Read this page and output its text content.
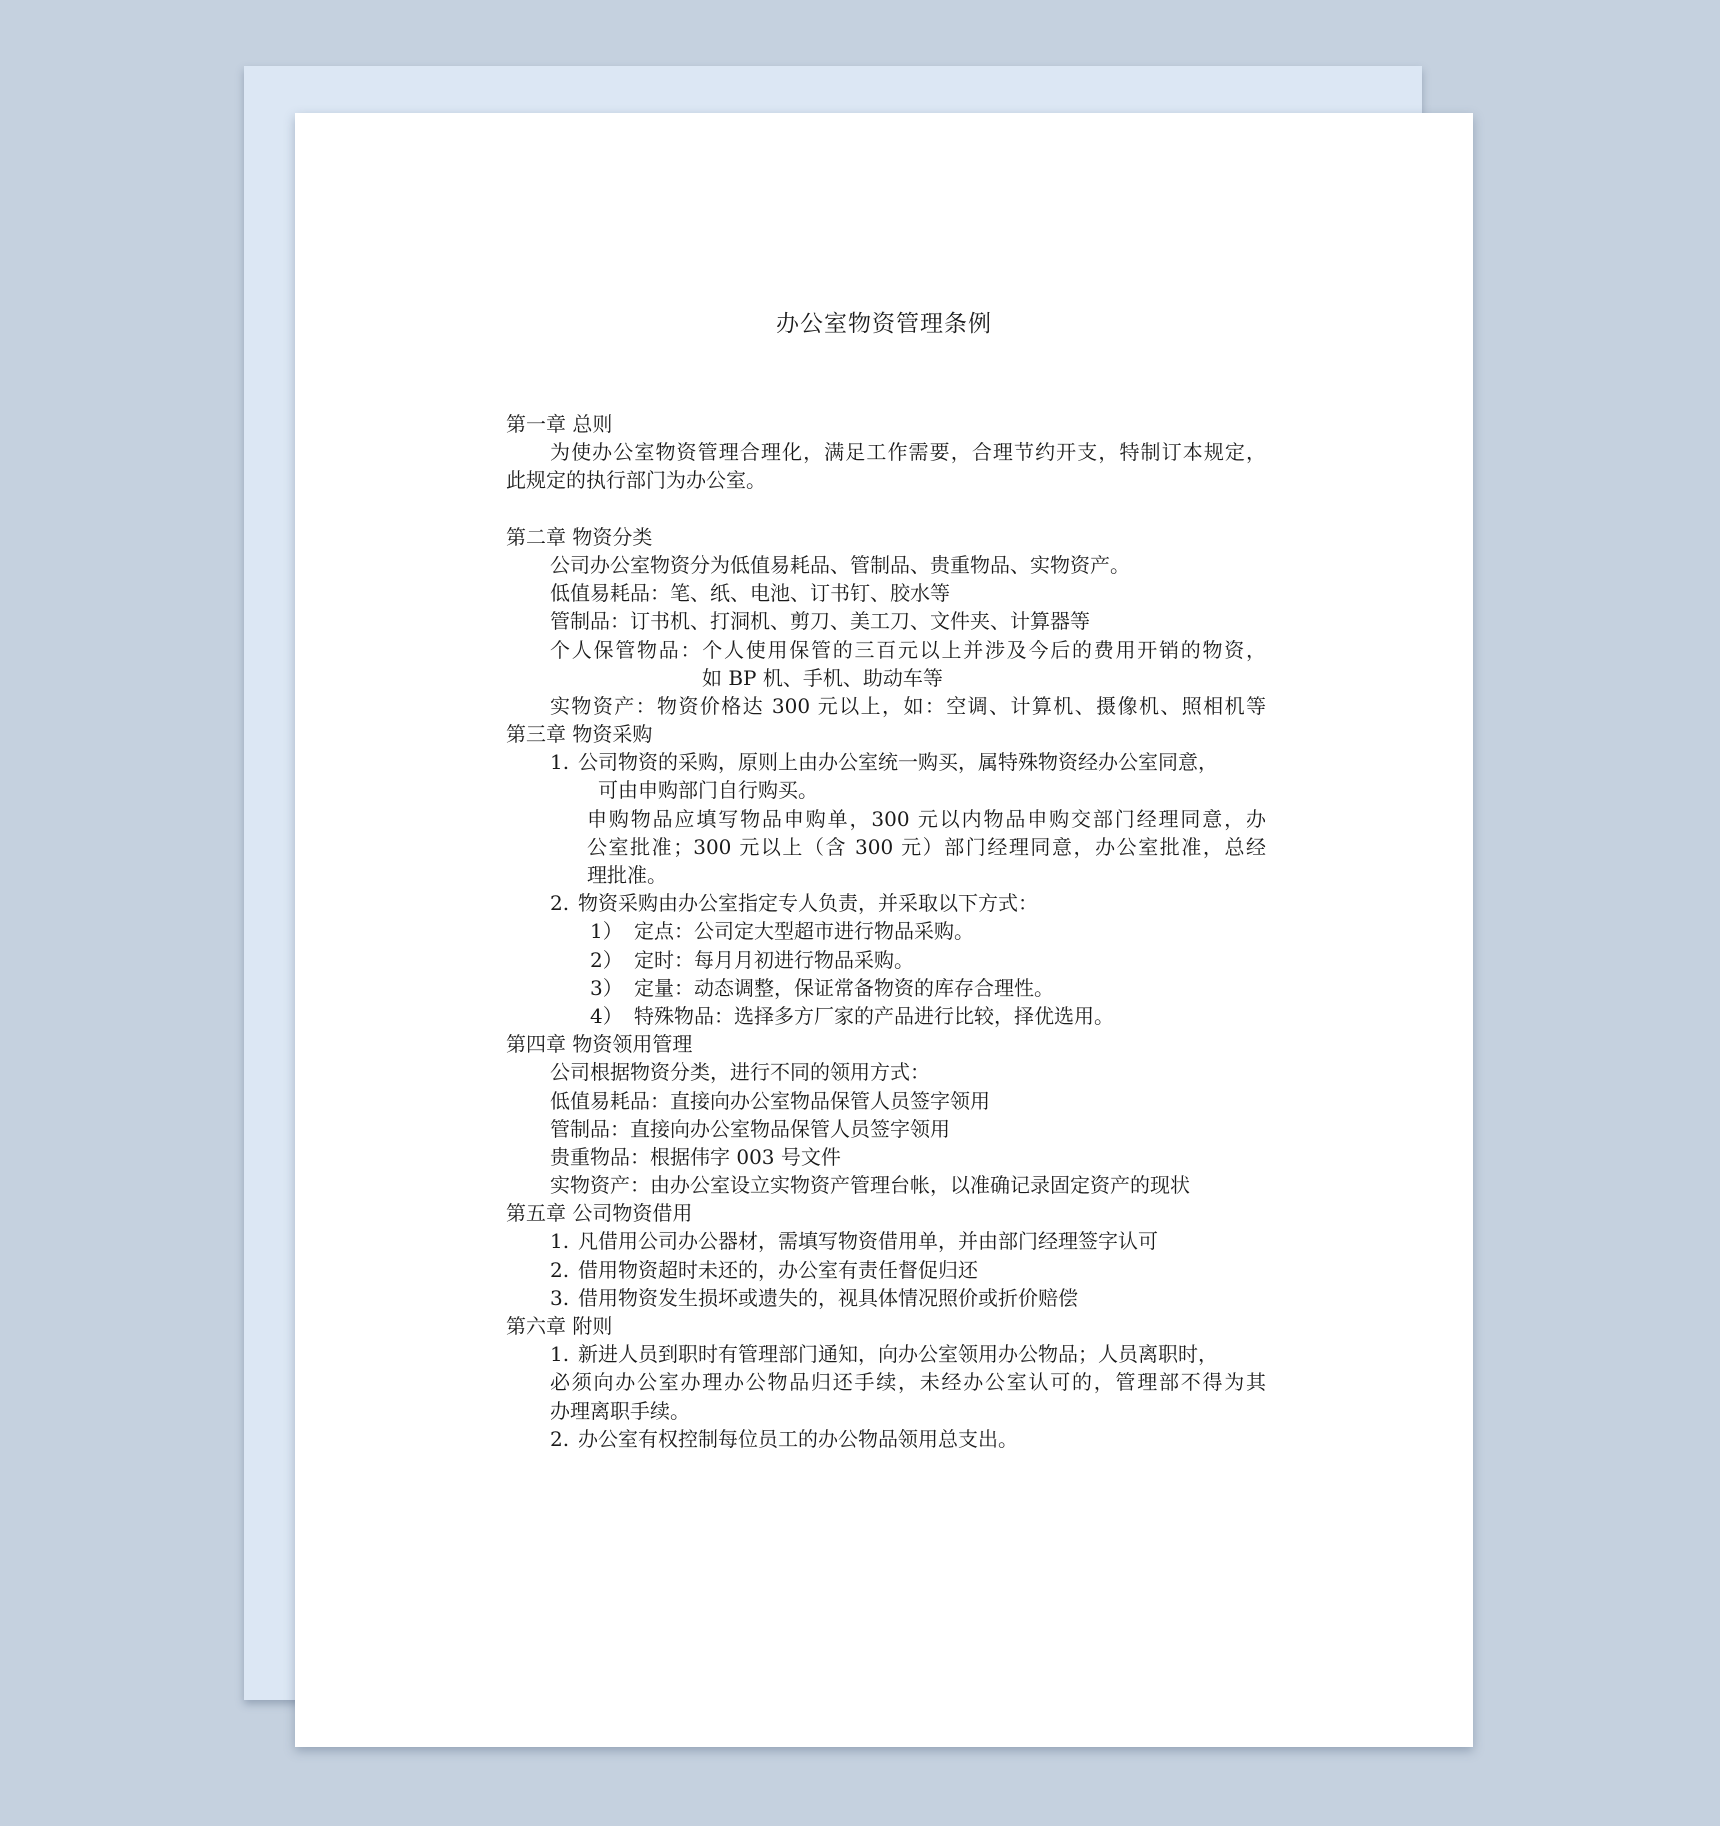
办公室物资管理条例
第一章 总则
为使办公室物资管理合理化，满足工作需要，合理节约开支，特制订本规定，
此规定的执行部门为办公室。
第二章 物资分类
公司办公室物资分为低值易耗品、管制品、贵重物品、实物资产。
低值易耗品：笔、纸、电池、订书钉、胶水等
管制品：订书机、打洞机、剪刀、美工刀、文件夹、计算器等
个人保管物品：个人使用保管的三百元以上并涉及今后的费用开销的物资，
如 BP 机、手机、助动车等
实物资产：物资价格达 300 元以上，如：空调、计算机、摄像机、照相机等
第三章 物资采购
1. 公司物资的采购，原则上由办公室统一购买，属特殊物资经办公室同意，
可由申购部门自行购买。
申购物品应填写物品申购单，300 元以内物品申购交部门经理同意，办
公室批准；300 元以上（含 300 元）部门经理同意，办公室批准，总经
理批准。
2. 物资采购由办公室指定专人负责，并采取以下方式：
1） 定点：公司定大型超市进行物品采购。
2） 定时：每月月初进行物品采购。
3） 定量：动态调整，保证常备物资的库存合理性。
4） 特殊物品：选择多方厂家的产品进行比较，择优选用。
第四章 物资领用管理
公司根据物资分类，进行不同的领用方式：
低值易耗品：直接向办公室物品保管人员签字领用
管制品：直接向办公室物品保管人员签字领用
贵重物品：根据伟字 003 号文件
实物资产：由办公室设立实物资产管理台帐，以准确记录固定资产的现状
第五章 公司物资借用
1. 凡借用公司办公器材，需填写物资借用单，并由部门经理签字认可
2. 借用物资超时未还的，办公室有责任督促归还
3. 借用物资发生损坏或遗失的，视具体情况照价或折价赔偿
第六章 附则
1. 新进人员到职时有管理部门通知，向办公室领用办公物品；人员离职时，
必须向办公室办理办公物品归还手续，未经办公室认可的，管理部不得为其
办理离职手续。
2. 办公室有权控制每位员工的办公物品领用总支出。
